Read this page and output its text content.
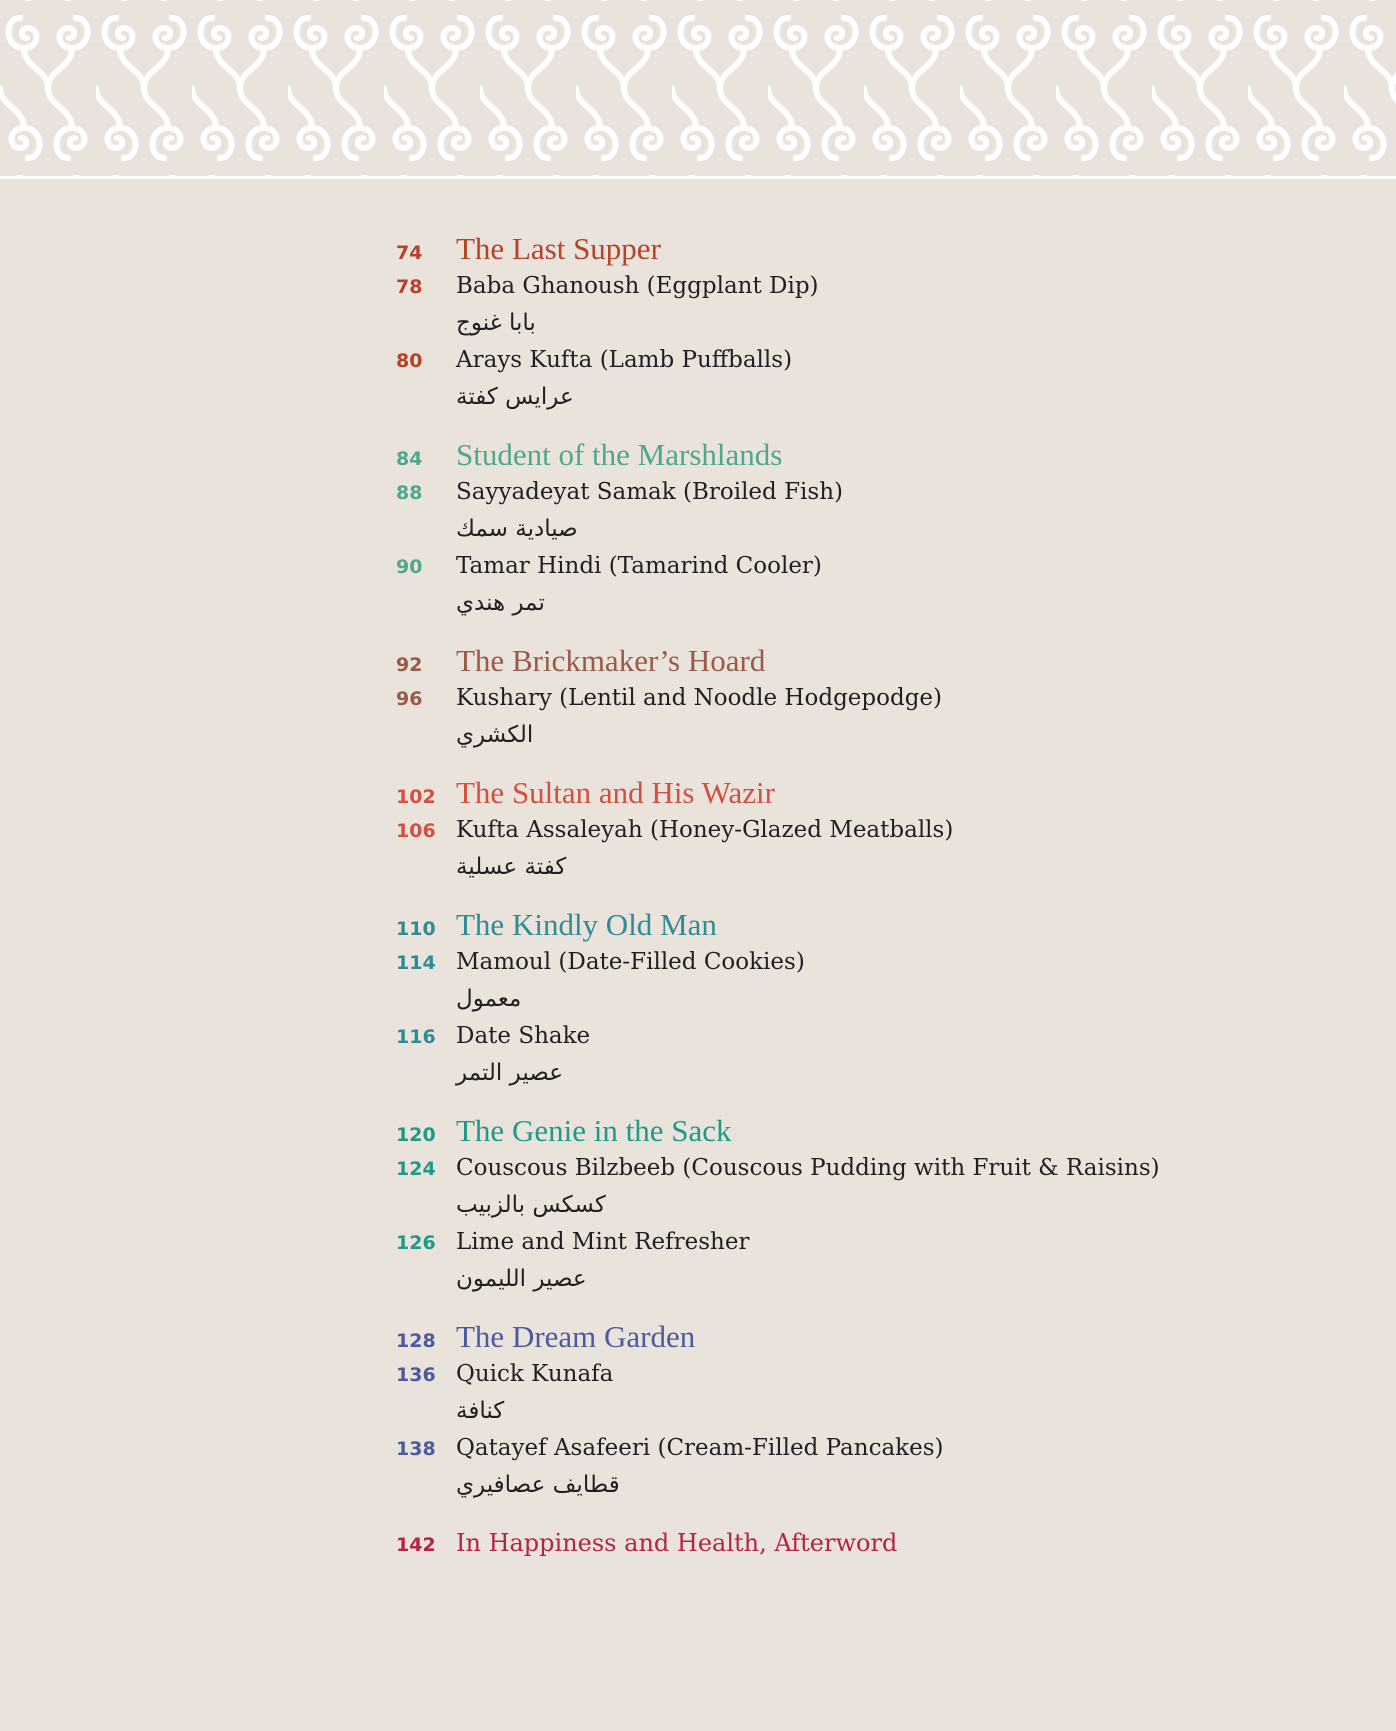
74	The Last Supper
78	Baba Ghanoush (Eggplant Dip)
بابا غنوج
80	Arays Kufta (Lamb Puffballs)
عرايس كفتة
84	Student of the Marshlands
88	Sayyadeyat Samak (Broiled Fish)
صيادية سمك
90	Tamar Hindi (Tamarind Cooler)
تمر هندي
92	The Brickmaker’s Hoard
96	Kushary (Lentil and Noodle Hodgepodge)
الكشري
102 The Sultan and His Wazir
106 Kufta Assaleyah (Honey-Glazed Meatballs)
كفتة عسلية
110 The Kindly Old Man
114 Mamoul (Date-Filled Cookies)
معمول
116 Date Shake
عصير التمر
120 The Genie in the Sack
124 Couscous Bilzbeeb (Couscous Pudding with Fruit & Raisins)
كسكس بالزبيب
126 Lime and Mint Refresher
عصير الليمون
128 The Dream Garden
136 Quick Kunafa
كنافة
138 Qatayef Asafeeri (Cream-Filled Pancakes)
قطايف عصافيري
142 In Happiness and Health, Afterword
